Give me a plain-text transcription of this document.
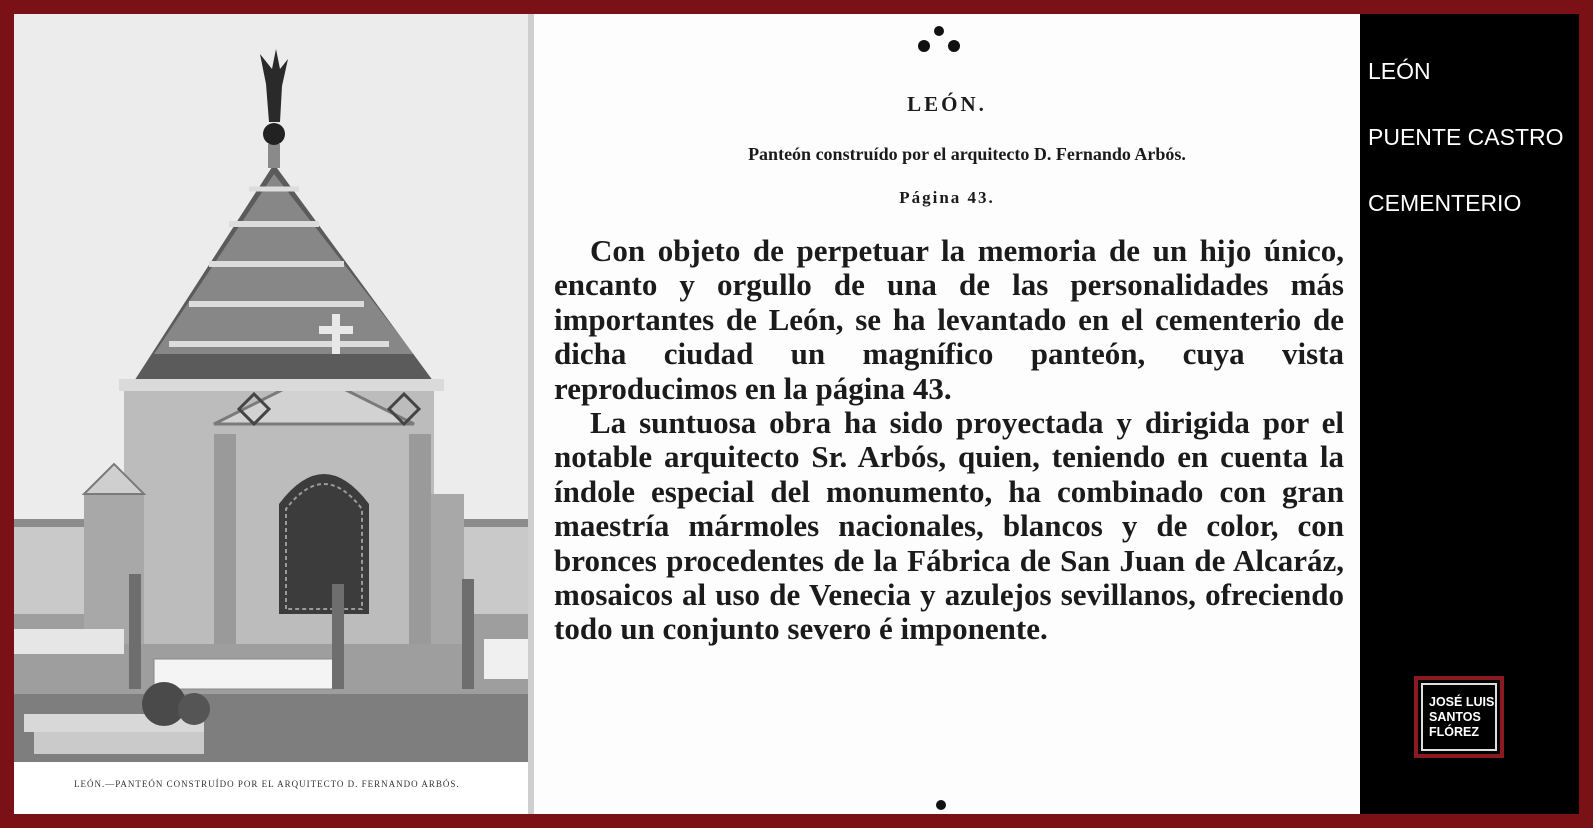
LEÓN.—PANTEÓN CONSTRUÍDO POR EL ARQUITECTO D. FERNANDO ARBÓS.
LEÓN.
Panteón construído por el arquitecto D. Fernando Arbós.
Página 43.

Con objeto de perpetuar la memoria de un hijo único, encanto y orgullo de una de las personalidades más importantes de León, se ha levantado en el cementerio de dicha ciudad un magnífico panteón, cuya vista reproducimos en la página 43.

La suntuosa obra ha sido proyectada y dirigida por el notable arquitecto Sr. Arbós, quien, teniendo en cuenta la índole especial del monumento, ha combinado con gran maestría mármoles nacionales, blancos y de color, con bronces procedentes de la Fábrica de San Juan de Alcaráz, mosaicos al uso de Venecia y azulejos sevillanos, ofreciendo todo un conjunto severo é imponente.

LEÓN
PUENTE CASTRO
CEMENTERIO
JOSÉ LUIS
SANTOS
FLÓREZ
